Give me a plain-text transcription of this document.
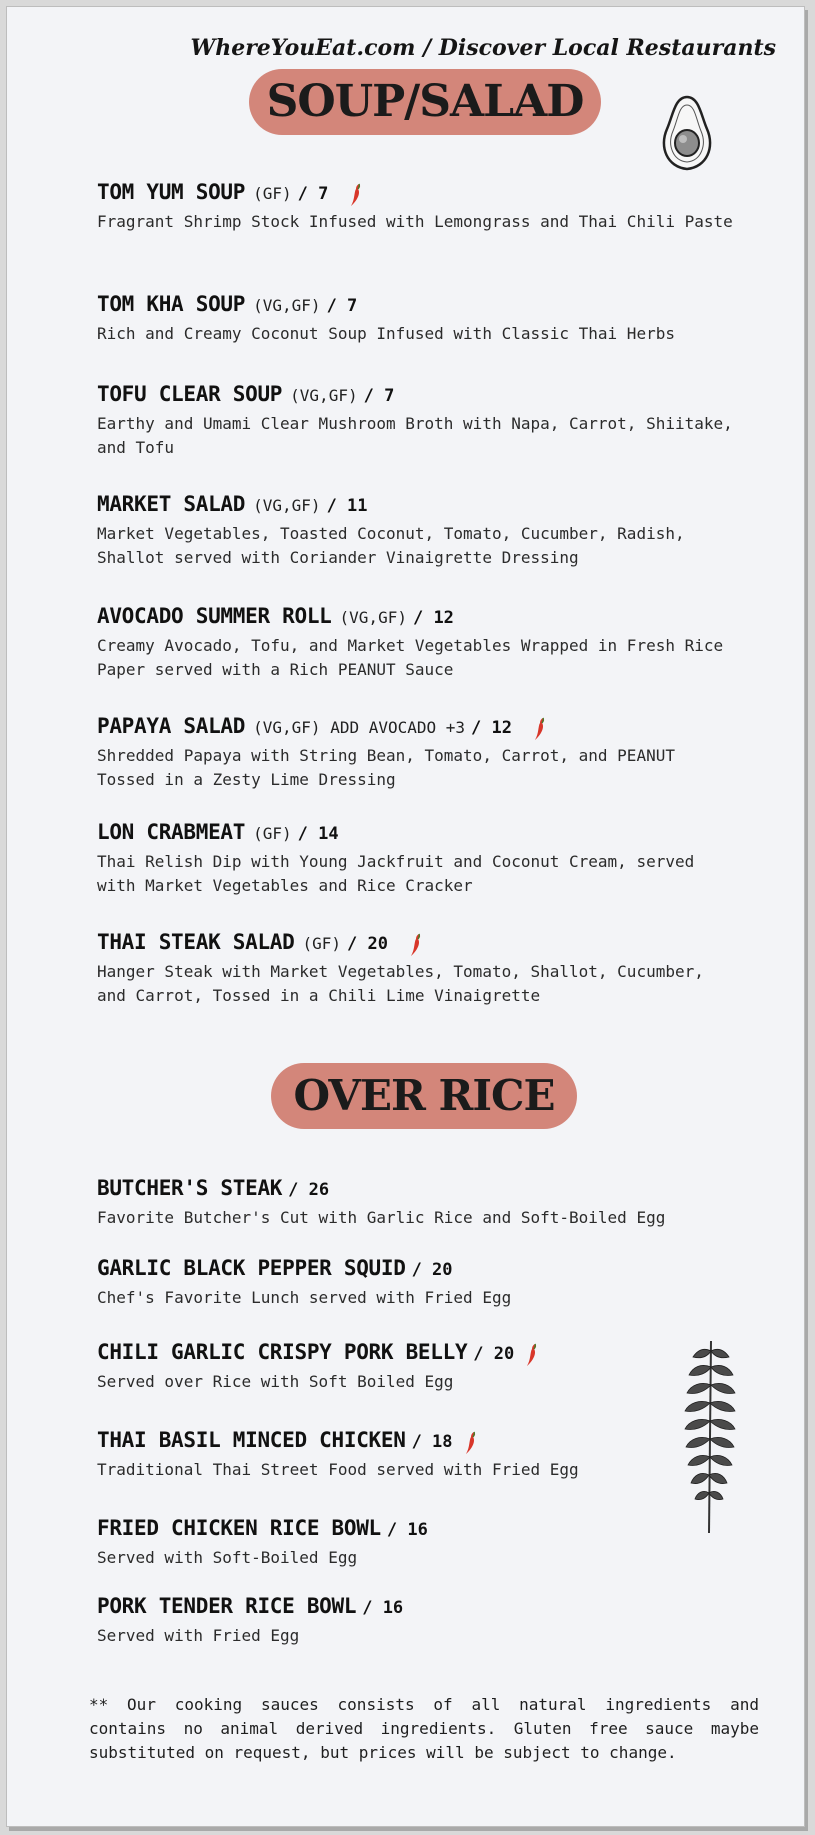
WhereYouEat.com / Discover Local Restaurants
SOUP/SALAD
TOM YUM SOUP (GF) / 7
Fragrant Shrimp Stock Infused with Lemongrass and Thai Chili Paste
TOM KHA SOUP (VG,GF) / 7
Rich and Creamy Coconut Soup Infused with Classic Thai Herbs
TOFU CLEAR SOUP (VG,GF) / 7
Earthy and Umami Clear Mushroom Broth with Napa, Carrot, Shiitake, and Tofu
MARKET SALAD (VG,GF) / 11
Market Vegetables, Toasted Coconut, Tomato, Cucumber, Radish, Shallot served with Coriander Vinaigrette Dressing
AVOCADO SUMMER ROLL (VG,GF) / 12
Creamy Avocado, Tofu, and Market Vegetables Wrapped in Fresh Rice Paper served with a Rich PEANUT Sauce
PAPAYA SALAD (VG,GF) ADD AVOCADO +3 / 12
Shredded Papaya with String Bean, Tomato, Carrot, and PEANUT Tossed in a Zesty Lime Dressing
LON CRABMEAT (GF) / 14
Thai Relish Dip with Young Jackfruit and Coconut Cream, served with Market Vegetables and Rice Cracker
THAI STEAK SALAD (GF) / 20
Hanger Steak with Market Vegetables, Tomato, Shallot, Cucumber, and Carrot, Tossed in a Chili Lime Vinaigrette
OVER RICE
BUTCHER'S STEAK / 26
Favorite Butcher's Cut with Garlic Rice and Soft-Boiled Egg
GARLIC BLACK PEPPER SQUID / 20
Chef's Favorite Lunch served with Fried Egg
CHILI GARLIC CRISPY PORK BELLY / 20
Served over Rice with Soft Boiled Egg
THAI BASIL MINCED CHICKEN / 18
Traditional Thai Street Food served with Fried Egg
FRIED CHICKEN RICE BOWL / 16
Served with Soft-Boiled Egg
PORK TENDER RICE BOWL / 16
Served with Fried Egg
** Our cooking sauces consists of all natural ingredients and contains no animal derived ingredients. Gluten free sauce maybe substituted on request, but prices will be subject to change.
